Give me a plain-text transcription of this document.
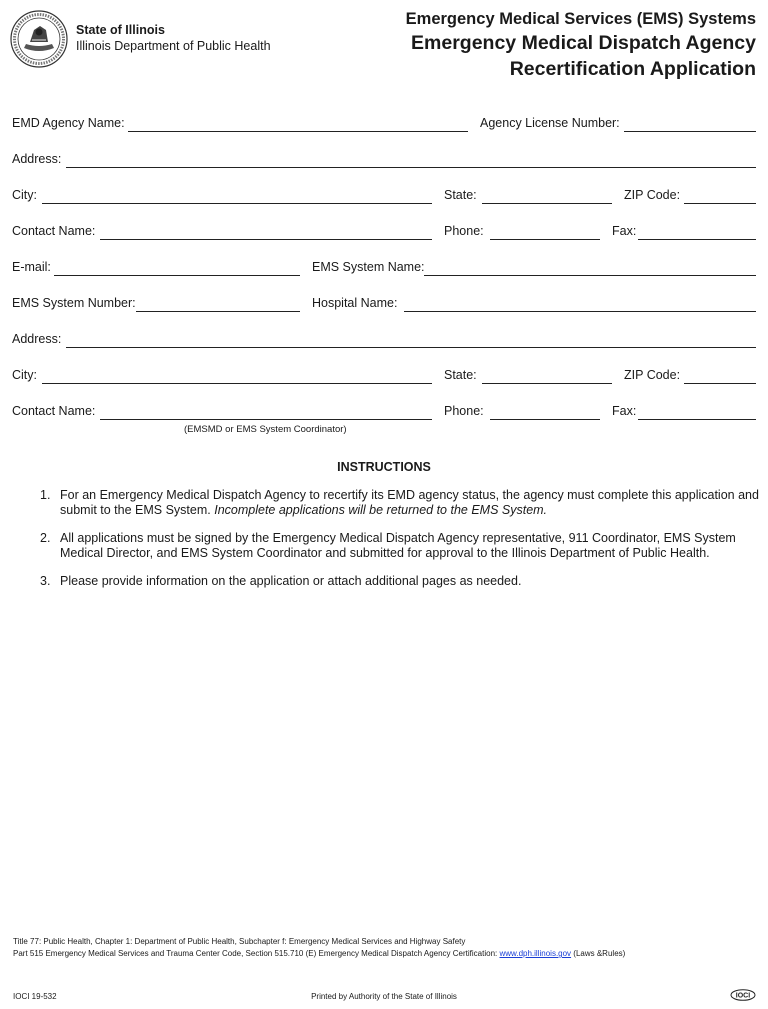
State of Illinois
Illinois Department of Public Health
Emergency Medical Services (EMS) Systems
Emergency Medical Dispatch Agency
Recertification Application
EMD Agency Name:	Agency License Number:
Address:
City:	State:	ZIP Code:
Contact Name:	Phone:	Fax:
E-mail:	EMS System Name:
EMS System Number:	Hospital Name:
Address:
City:	State:	ZIP Code:
Contact Name:	Phone:	Fax:
(EMSMD or EMS System Coordinator)
INSTRUCTIONS
1. For an Emergency Medical Dispatch Agency to recertify its EMD agency status, the agency must complete this application and submit to the EMS System. Incomplete applications will be returned to the EMS System.
2. All applications must be signed by the Emergency Medical Dispatch Agency representative, 911 Coordinator, EMS System Medical Director, and EMS System Coordinator and submitted for approval to the Illinois Department of Public Health.
3. Please provide information on the application or attach additional pages as needed.
Title 77: Public Health, Chapter 1: Department of Public Health, Subchapter f: Emergency Medical Services and Highway Safety
Part 515 Emergency Medical Services and Trauma Center Code, Section 515.710 (E) Emergency Medical Dispatch Agency Certification: www.dph.illinois.gov (Laws &Rules)
IOCI 19-532	Printed by Authority of the State of Illinois	IOCI
